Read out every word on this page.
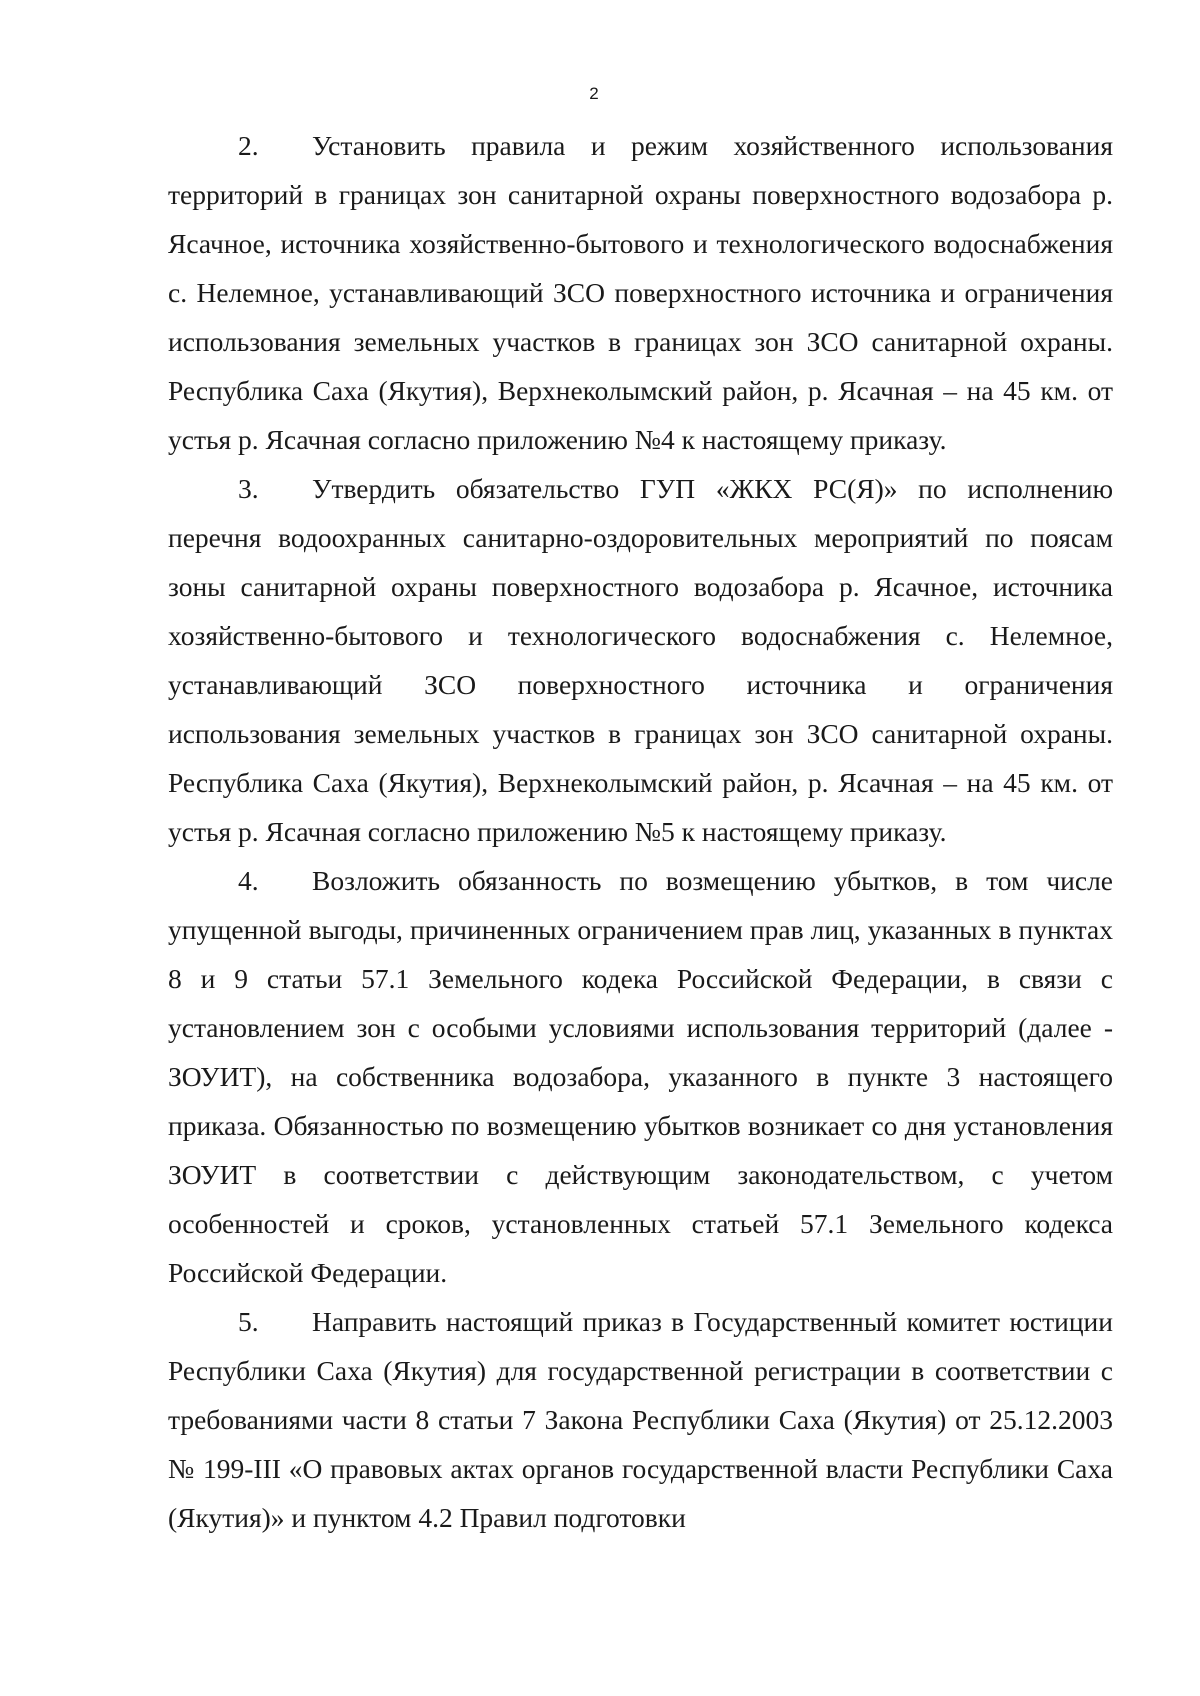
2

2. Установить правила и режим хозяйственного использования территорий в границах зон санитарной охраны поверхностного водозабора р. Ясачное, источника хозяйственно-бытового и технологического водоснабжения с. Нелемное, устанавливающий ЗСО поверхностного источника и ограничения использования земельных участков в границах зон ЗСО санитарной охраны. Республика Саха (Якутия), Верхнеколымский район, р. Ясачная – на 45 км. от устья р. Ясачная согласно приложению №4 к настоящему приказу.

3. Утвердить обязательство ГУП «ЖКХ РС(Я)» по исполнению перечня водоохранных санитарно-оздоровительных мероприятий по поясам зоны санитарной охраны поверхностного водозабора р. Ясачное, источника хозяйственно-бытового и технологического водоснабжения с. Нелемное, устанавливающий ЗСО поверхностного источника и ограничения использования земельных участков в границах зон ЗСО санитарной охраны. Республика Саха (Якутия), Верхнеколымский район, р. Ясачная – на 45 км. от устья р. Ясачная согласно приложению №5 к настоящему приказу.

4. Возложить обязанность по возмещению убытков, в том числе упущенной выгоды, причиненных ограничением прав лиц, указанных в пунктах 8 и 9 статьи 57.1 Земельного кодека Российской Федерации, в связи с установлением зон с особыми условиями использования территорий (далее - ЗОУИТ), на собственника водозабора, указанного в пункте 3 настоящего приказа. Обязанностью по возмещению убытков возникает со дня установления ЗОУИТ в соответствии с действующим законодательством, с учетом особенностей и сроков, установленных статьей 57.1 Земельного кодекса Российской Федерации.

5. Направить настоящий приказ в Государственный комитет юстиции Республики Саха (Якутия) для государственной регистрации в соответствии с требованиями части 8 статьи 7 Закона Республики Саха (Якутия) от 25.12.2003 № 199-III «О правовых актах органов государственной власти Республики Саха (Якутия)» и пунктом 4.2 Правил подготовки
